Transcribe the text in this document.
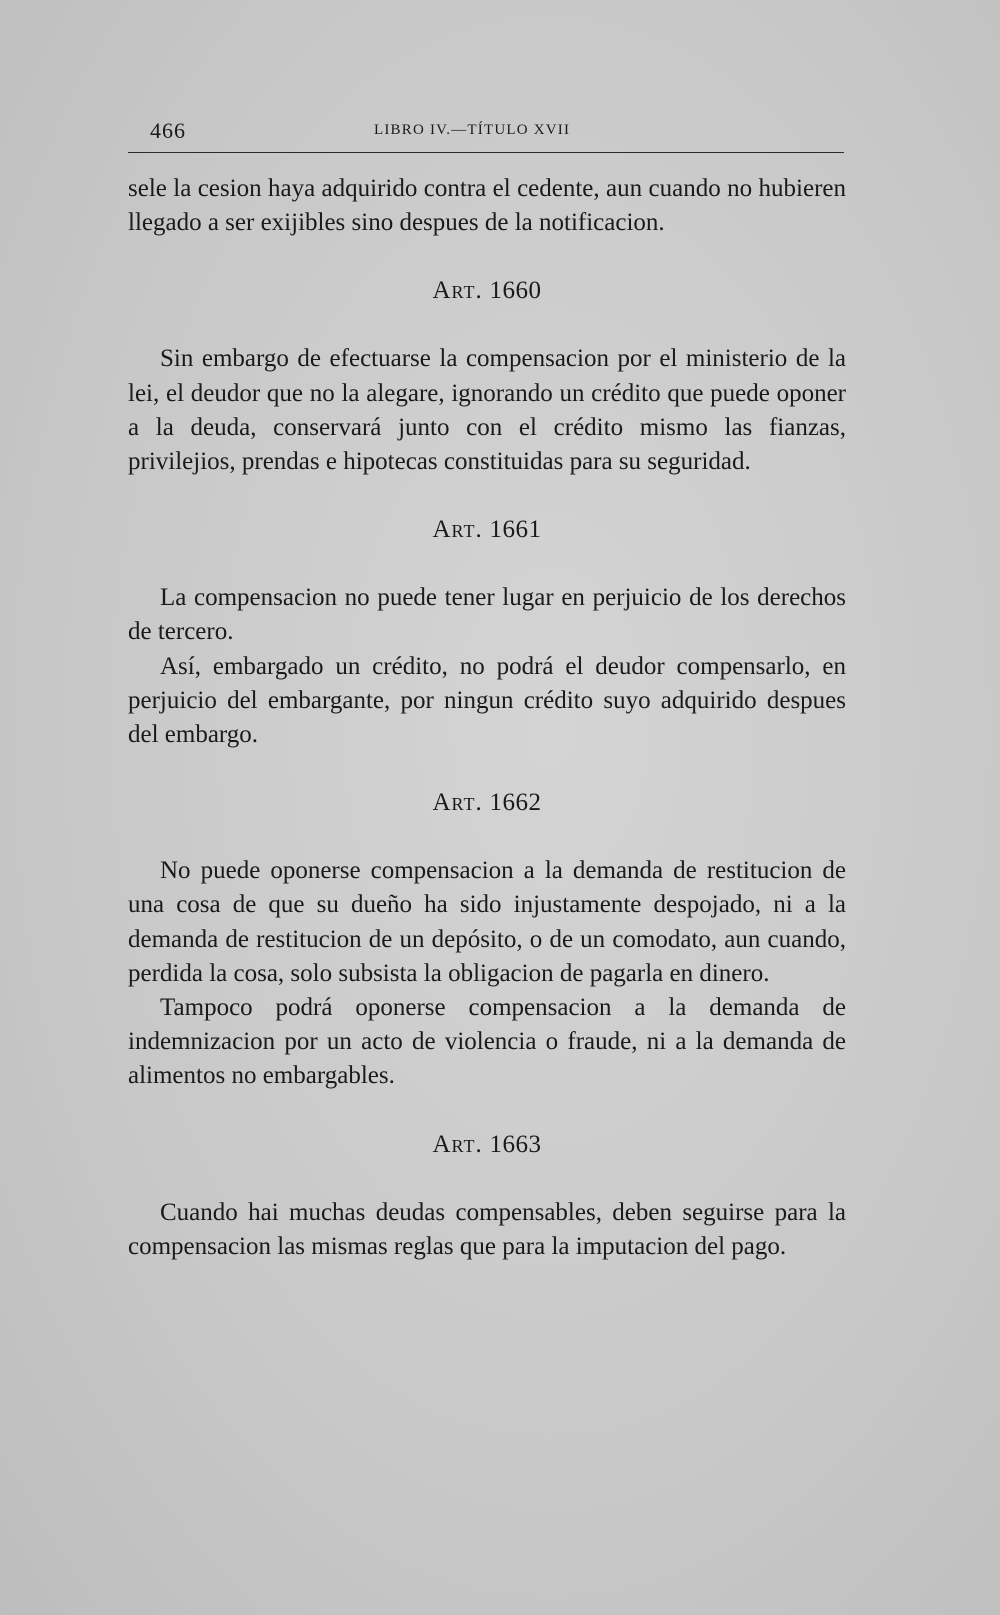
466	LIBRO IV.—TÍTULO XVII

sele la cesion haya adquirido contra el cedente, aun cuando no hubieren llegado a ser exijibles sino despues de la notificacion.

Art. 1660

Sin embargo de efectuarse la compensacion por el ministerio de la lei, el deudor que no la alegare, ignorando un crédito que puede oponer a la deuda, conservará junto con el crédito mismo las fianzas, privilejios, prendas e hipotecas constituidas para su seguridad.

Art. 1661

La compensacion no puede tener lugar en perjuicio de los derechos de tercero.

Así, embargado un crédito, no podrá el deudor compensarlo, en perjuicio del embargante, por ningun crédito suyo adquirido despues del embargo.

Art. 1662

No puede oponerse compensacion a la demanda de restitucion de una cosa de que su dueño ha sido injustamente despojado, ni a la demanda de restitucion de un depósito, o de un comodato, aun cuando, perdida la cosa, solo subsista la obligacion de pagarla en dinero.

Tampoco podrá oponerse compensacion a la demanda de indemnizacion por un acto de violencia o fraude, ni a la demanda de alimentos no embargables.

Art. 1663

Cuando hai muchas deudas compensables, deben seguirse para la compensacion las mismas reglas que para la imputacion del pago.
